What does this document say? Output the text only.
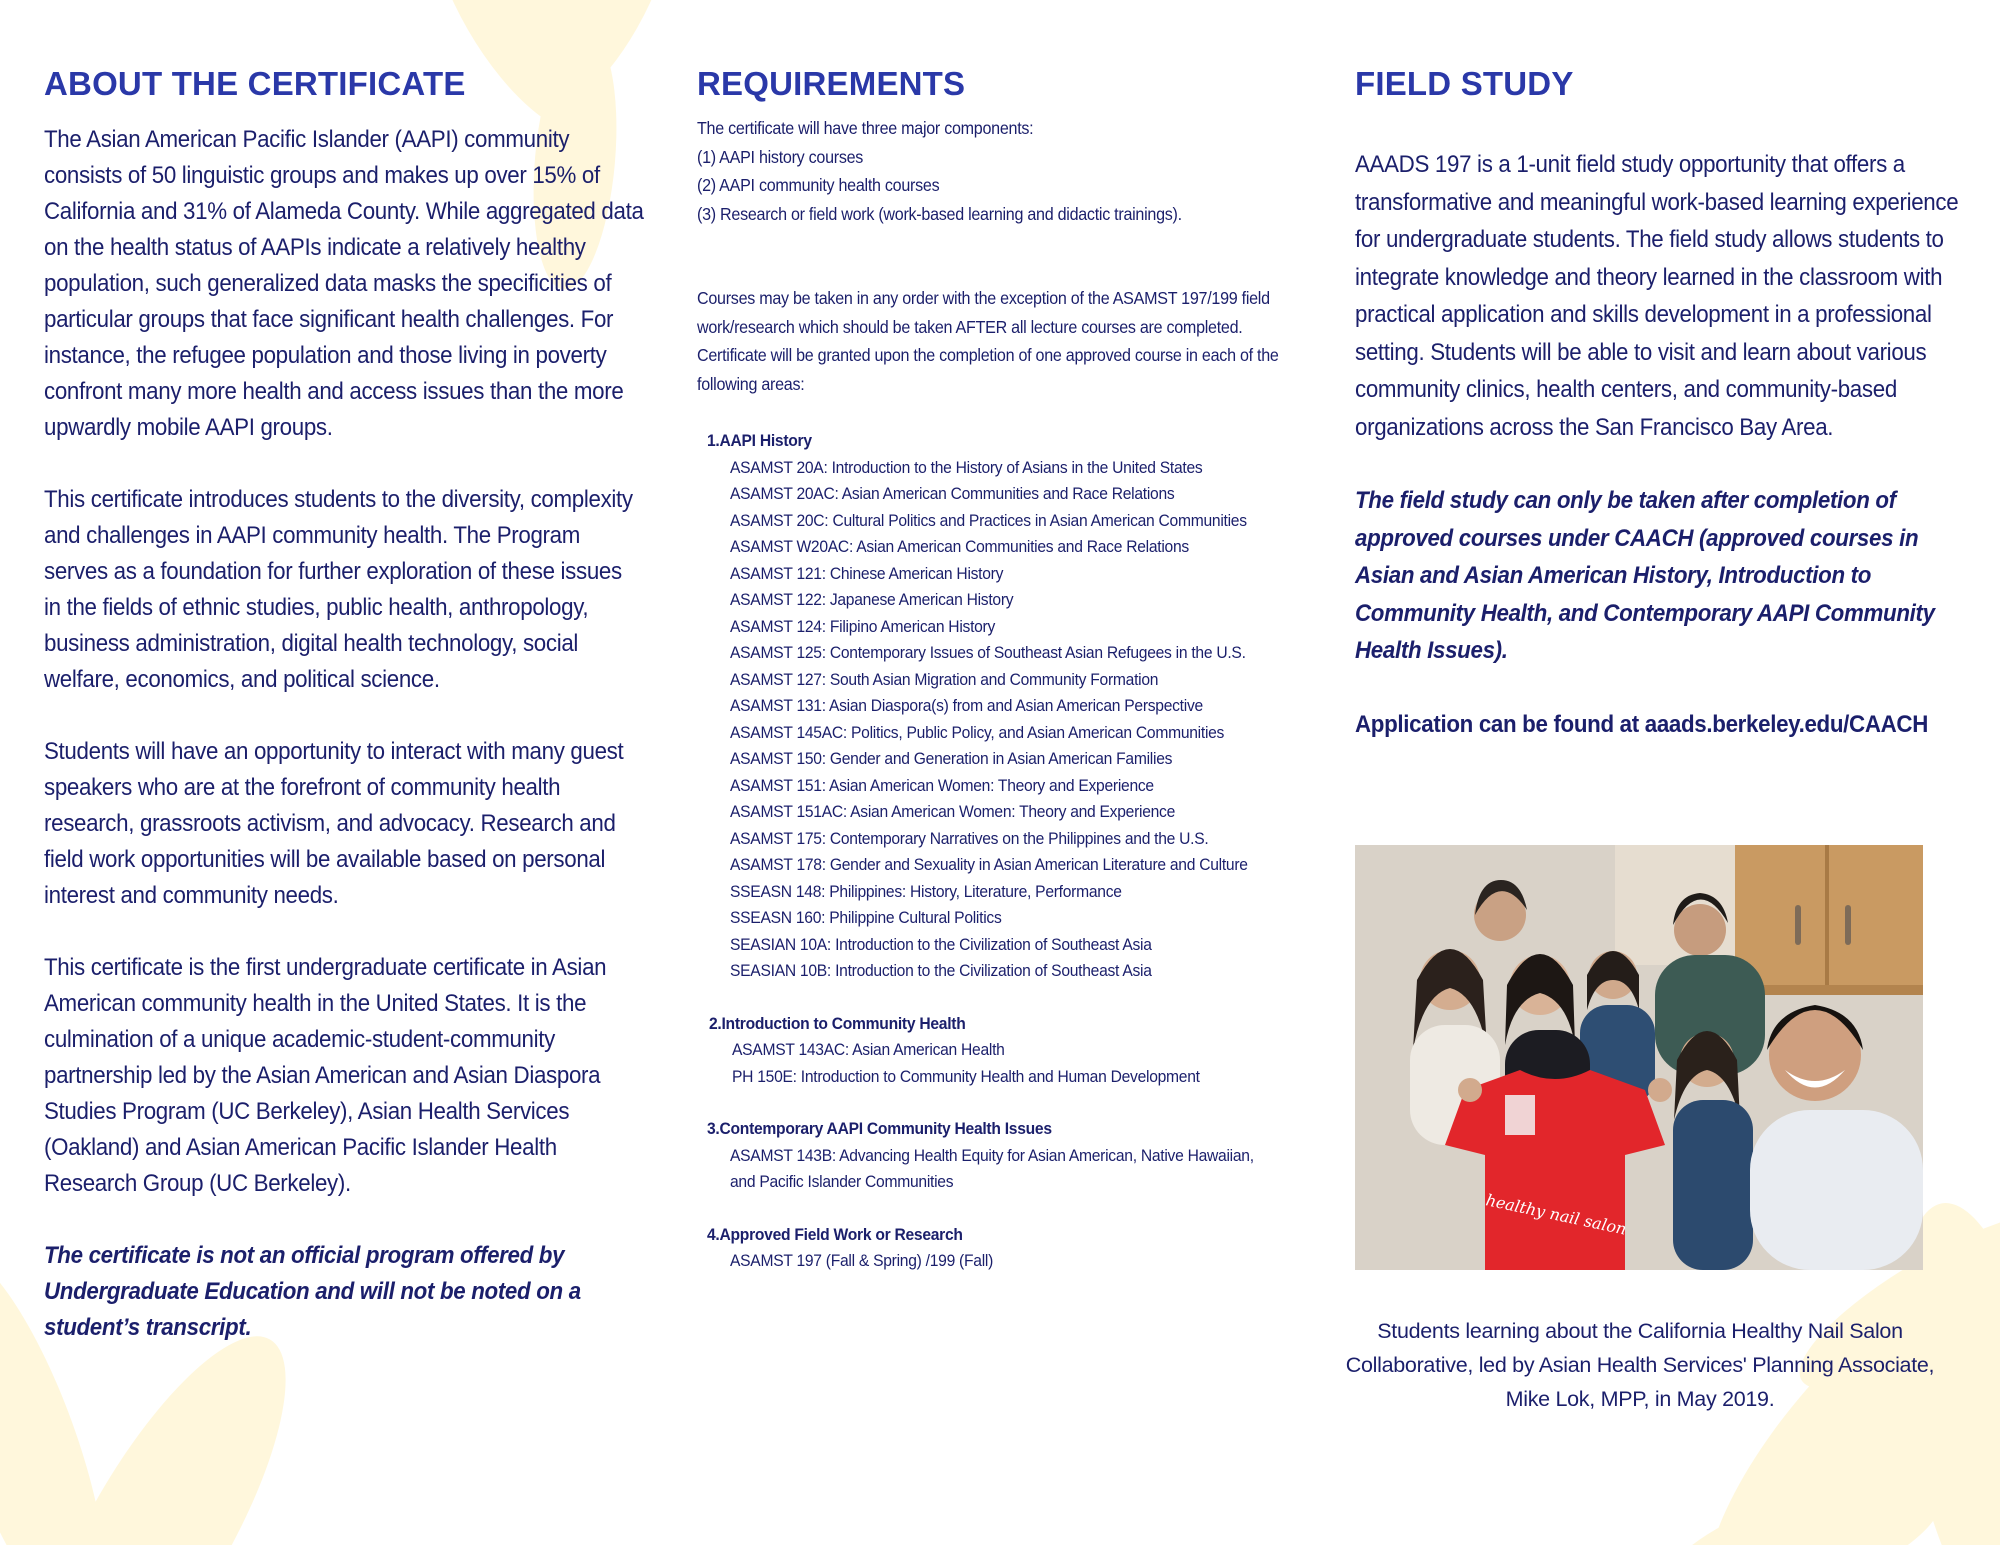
ABOUT THE CERTIFICATE

The Asian American Pacific Islander (AAPI) community consists of 50 linguistic groups and makes up over 15% of California and 31% of Alameda County. While aggregated data on the health status of AAPIs indicate a relatively healthy population, such generalized data masks the specificities of particular groups that face significant health challenges. For instance, the refugee population and those living in poverty confront many more health and access issues than the more upwardly mobile AAPI groups.

This certificate introduces students to the diversity, complexity and challenges in AAPI community health. The Program serves as a foundation for further exploration of these issues in the fields of ethnic studies, public health, anthropology, business administration, digital health technology, social welfare, economics, and political science.

Students will have an opportunity to interact with many guest speakers who are at the forefront of community health research, grassroots activism, and advocacy. Research and field work opportunities will be available based on personal interest and community needs.

This certificate is the first undergraduate certificate in Asian American community health in the United States. It is the culmination of a unique academic-student-community partnership led by the Asian American and Asian Diaspora Studies Program (UC Berkeley), Asian Health Services (Oakland) and Asian American Pacific Islander Health Research Group (UC Berkeley).

The certificate is not an official program offered by Undergraduate Education and will not be noted on a student’s transcript.

REQUIREMENTS

The certificate will have three major components:

(1) AAPI history courses

(2) AAPI community health courses

(3) Research or field work (work-based learning and didactic trainings).

Courses may be taken in any order with the exception of the ASAMST 197/199 field work/research which should be taken AFTER all lecture courses are completed. Certificate will be granted upon the completion of one approved course in each of the following areas:

1.AAPI History
ASAMST 20A: Introduction to the History of Asians in the United States
ASAMST 20AC: Asian American Communities and Race Relations
ASAMST 20C: Cultural Politics and Practices in Asian American Communities
ASAMST W20AC: Asian American Communities and Race Relations
ASAMST 121: Chinese American History
ASAMST 122: Japanese American History
ASAMST 124: Filipino American History
ASAMST 125: Contemporary Issues of Southeast Asian Refugees in the U.S.
ASAMST 127: South Asian Migration and Community Formation
ASAMST 131: Asian Diaspora(s) from and Asian American Perspective
ASAMST 145AC: Politics, Public Policy, and Asian American Communities
ASAMST 150: Gender and Generation in Asian American Families
ASAMST 151: Asian American Women: Theory and Experience
ASAMST 151AC: Asian American Women: Theory and Experience
ASAMST 175: Contemporary Narratives on the Philippines and the U.S.
ASAMST 178: Gender and Sexuality in Asian American Literature and Culture
SSEASN 148: Philippines: History, Literature, Performance
SSEASN 160: Philippine Cultural Politics
SEASIAN 10A: Introduction to the Civilization of Southeast Asia
SEASIAN 10B: Introduction to the Civilization of Southeast Asia
2.Introduction to Community Health
ASAMST 143AC: Asian American Health
PH 150E: Introduction to Community Health and Human Development
3.Contemporary AAPI Community Health Issues
ASAMST 143B: Advancing Health Equity for Asian American, Native Hawaiian, and Pacific Islander Communities
4.Approved Field Work or Research
ASAMST 197 (Fall & Spring) /199 (Fall)
FIELD STUDY

AAADS 197 is a 1-unit field study opportunity that offers a transformative and meaningful work-based learning experience for undergraduate students. The field study allows students to integrate knowledge and theory learned in the classroom with practical application and skills development in a professional setting. Students will be able to visit and learn about various community clinics, health centers, and community-based organizations across the San Francisco Bay Area.

The field study can only be taken after completion of approved courses under CAACH (approved courses in Asian and Asian American History, Introduction to Community Health, and Contemporary AAPI Community Health Issues).

Application can be found at aaads.berkeley.edu/CAACH

healthy nail salon

Students learning about the California Healthy Nail Salon Collaborative, led by Asian Health Services' Planning Associate, Mike Lok, MPP, in May 2019.
